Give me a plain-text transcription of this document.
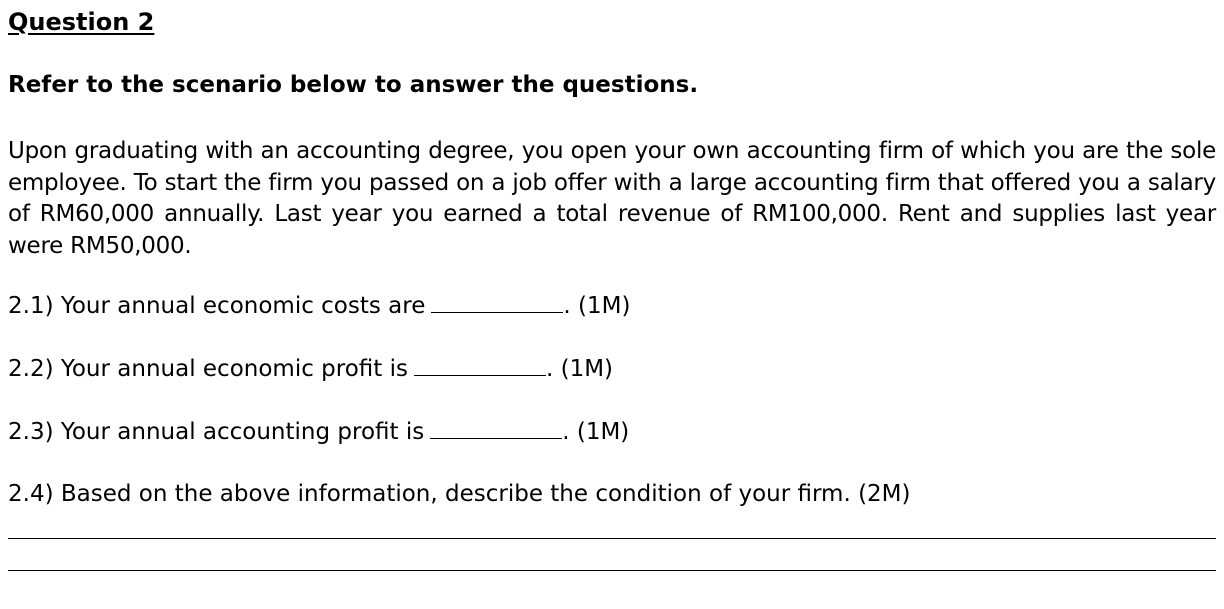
Question 2
Refer to the scenario below to answer the questions.
Upon graduating with an accounting degree, you open your own accounting firm of which you are the sole employee. To start the firm you passed on a job offer with a large accounting firm that offered you a salary of RM60,000 annually. Last year you earned a total revenue of RM100,000. Rent and supplies last year were RM50,000.
2.1) Your annual economic costs are	. (1M)
2.2) Your annual economic profit is	. (1M)
2.3) Your annual accounting profit is	. (1M)
2.4) Based on the above information, describe the condition of your firm. (2M)
